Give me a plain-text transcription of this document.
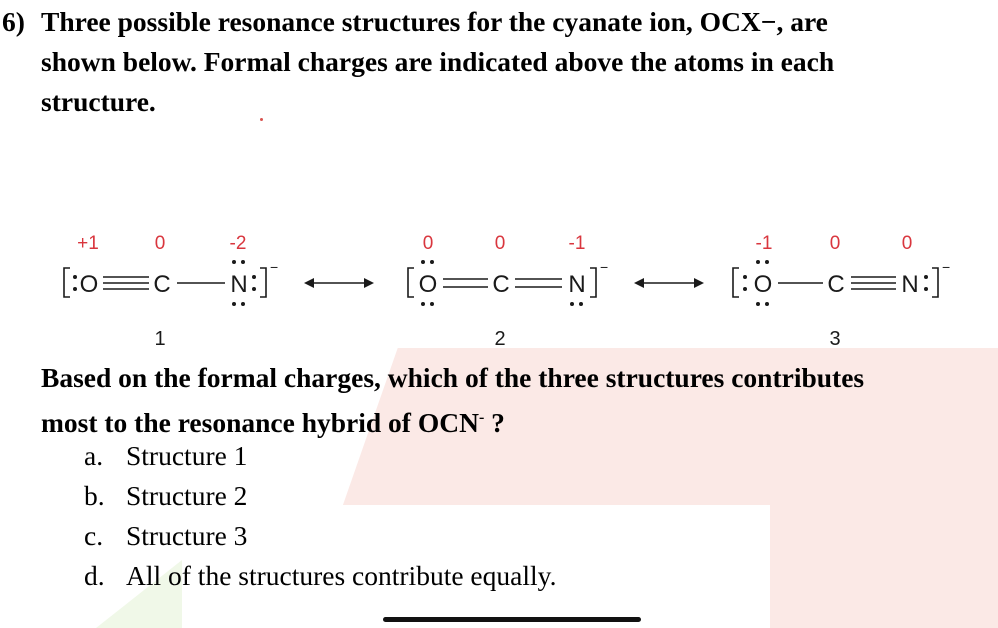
6) Three possible resonance structures for the cyanate ion, OCX−, are
shown below. Formal charges are indicated above the atoms in each
structure.
+1	0	-2
O C N
−
1
0	0	-1
O C N
−
2
-1	0	0
O C N
−
3
Based on the formal charges, which of the three structures contributes
most to the resonance hybrid of OCN- ?
a. Structure 1
b. Structure 2
c. Structure 3
d. All of the structures contribute equally.
